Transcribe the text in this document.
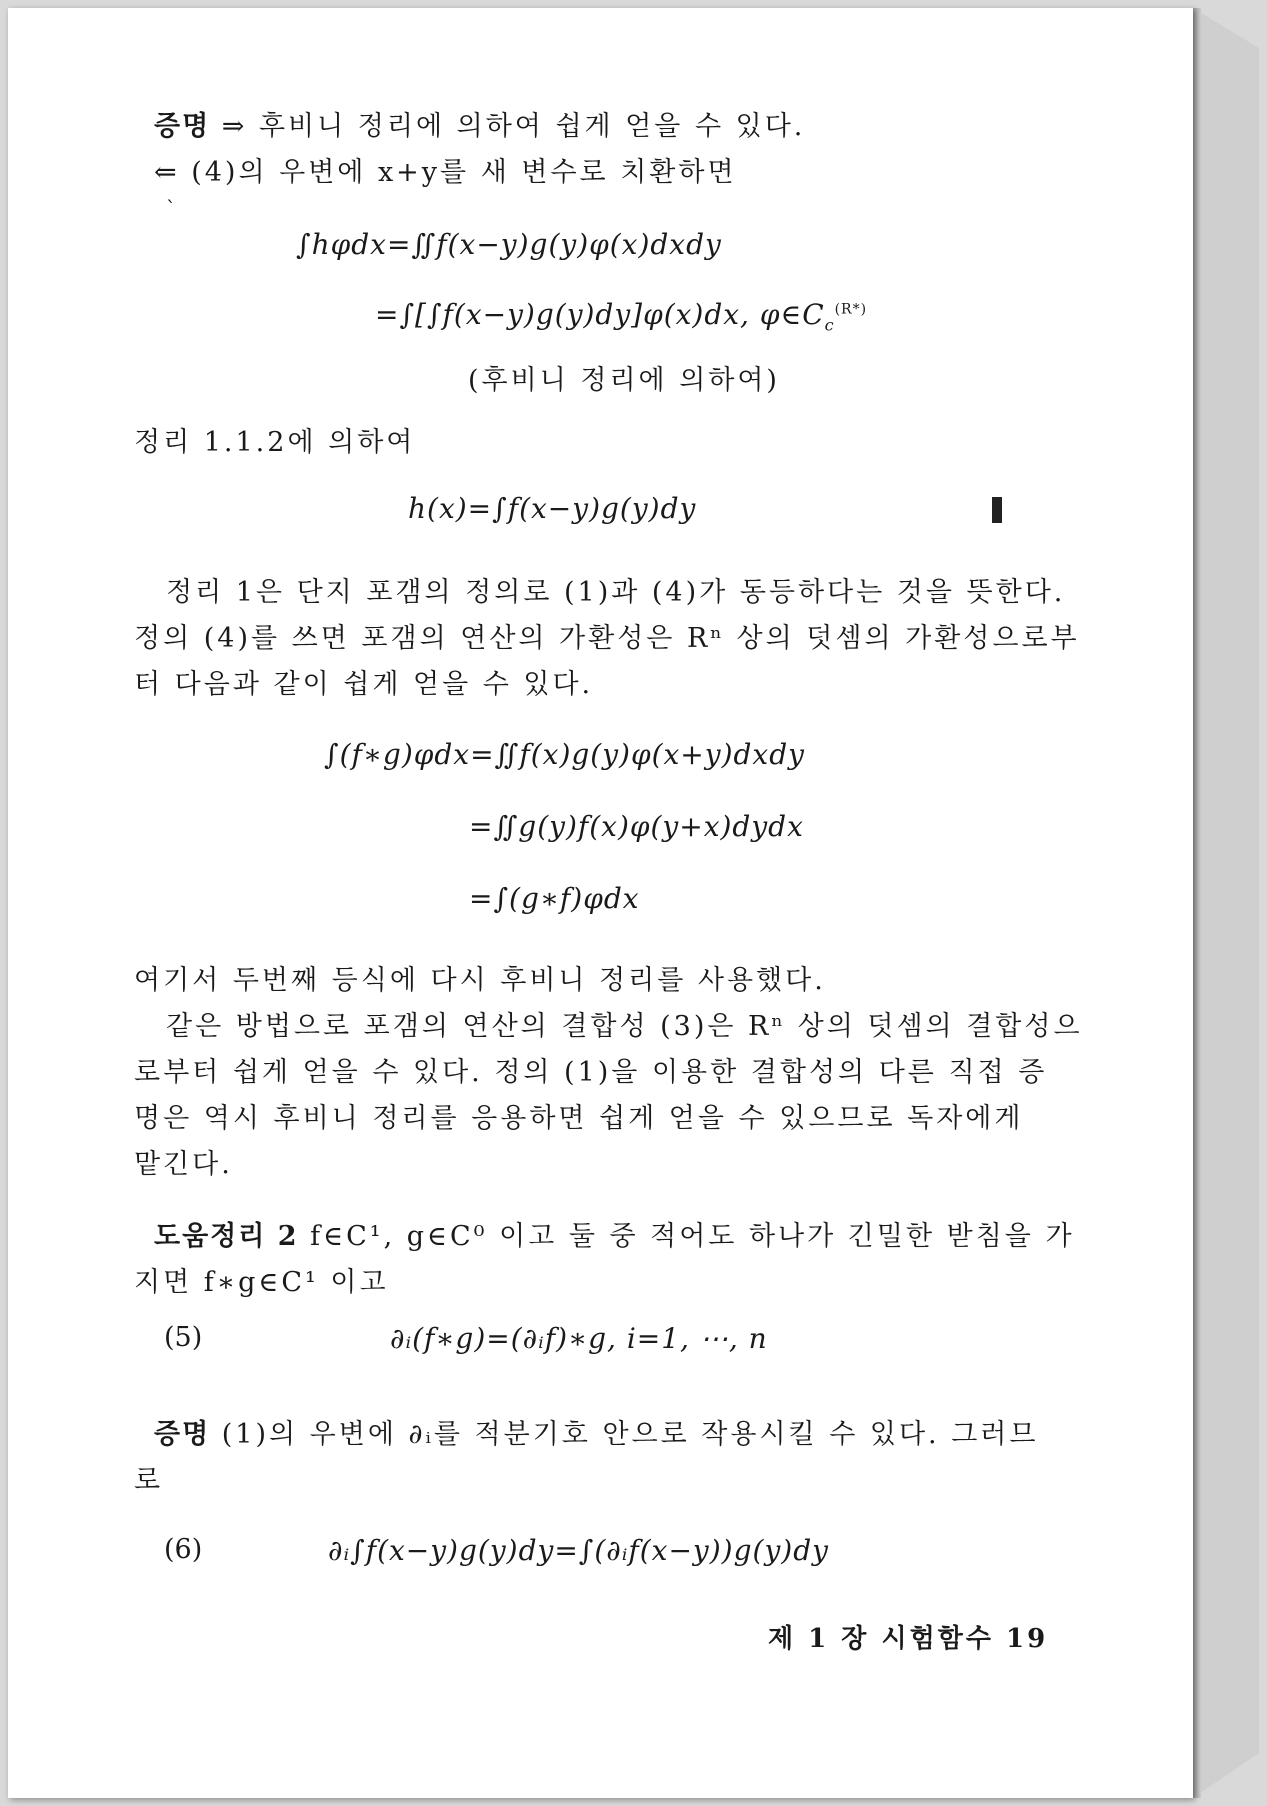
증명 ⇒ 후비니 정리에 의하여 쉽게 얻을 수 있다.
⇐ (4)의 우변에 x+y를 새 변수로 치환하면
`
∫hφdx=∬f(x−y)g(y)φ(x)dxdy
=∫[∫f(x−y)g(y)dy]φ(x)dx, $\varphi\in C_c^{(R*)}$
(후비니 정리에 의하여)
정리 1.1.2에 의하여
h(x)=∫f(x−y)g(y)dy
정리 1은 단지 포갬의 정의로 (1)과 (4)가 동등하다는 것을 뜻한다.
정의 (4)를 쓰면 포갬의 연산의 가환성은 Rⁿ 상의 덧셈의 가환성으로부
터 다음과 같이 쉽게 얻을 수 있다.
∫(f∗g)φdx=∬f(x)g(y)φ(x+y)dxdy
=∬g(y)f(x)φ(y+x)dydx
=∫(g∗f)φdx
여기서 두번째 등식에 다시 후비니 정리를 사용했다.
같은 방법으로 포갬의 연산의 결합성 (3)은 Rⁿ 상의 덧셈의 결합성으
로부터 쉽게 얻을 수 있다. 정의 (1)을 이용한 결합성의 다른 직접 증
명은 역시 후비니 정리를 응용하면 쉽게 얻을 수 있으므로 독자에게
맡긴다.
도움정리 2 f∈C¹, g∈C⁰ 이고 둘 중 적어도 하나가 긴밀한 받침을 가
지면 f∗g∈C¹ 이고
(5)	∂ᵢ(f∗g)=(∂ᵢf)∗g, i=1, ⋯, n
증명 (1)의 우변에 ∂ᵢ를 적분기호 안으로 작용시킬 수 있다. 그러므
로
(6)	∂ᵢ∫f(x−y)g(y)dy=∫(∂ᵢf(x−y))g(y)dy
제 1 장 시험함수 19
